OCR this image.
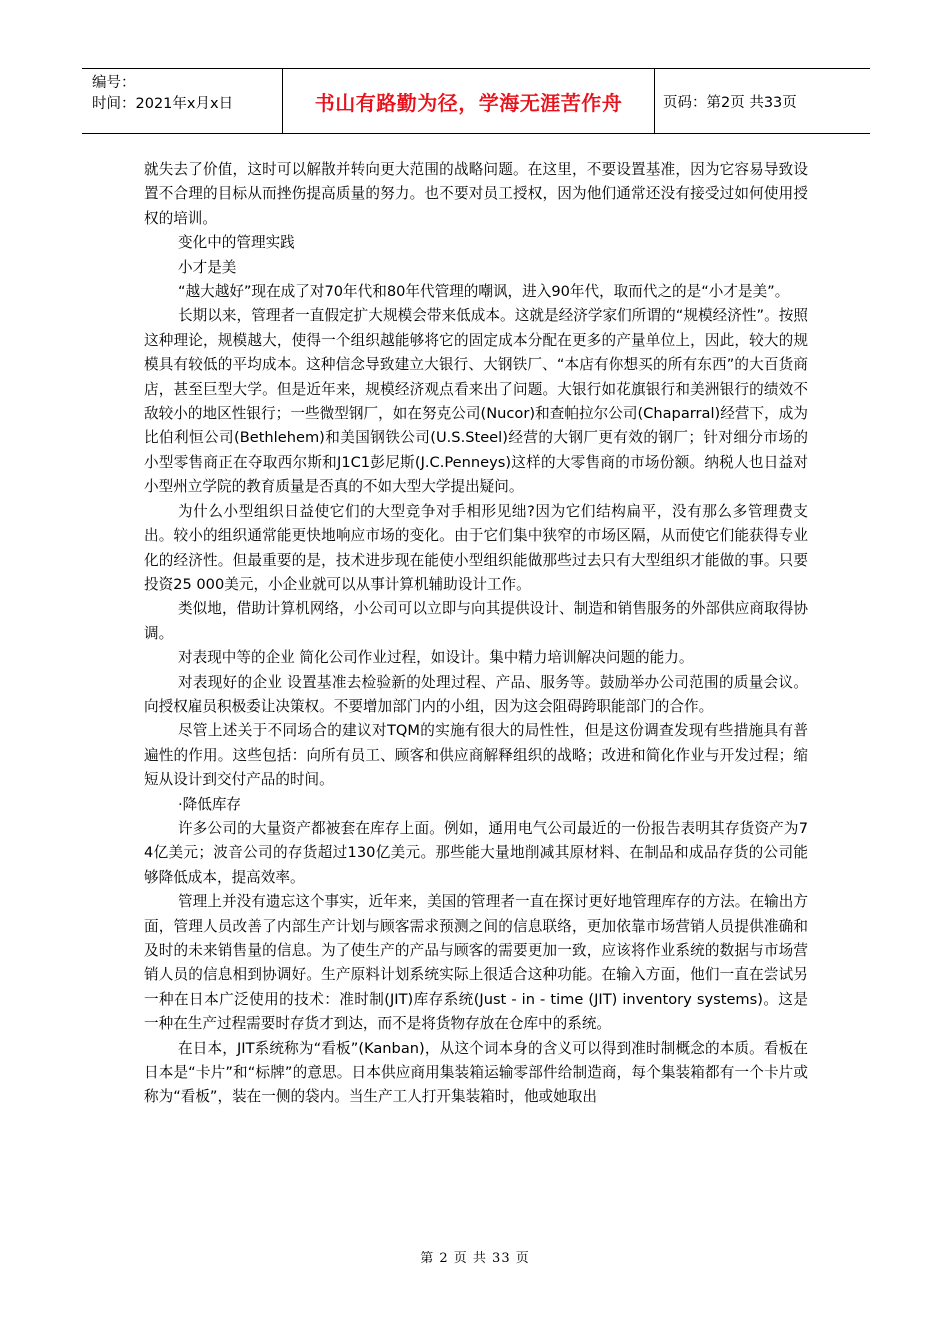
编号：
时间：2021年x月x日	书山有路勤为径，学海无涯苦作舟	页码：第2页 共33页

就失去了价值，这时可以解散并转向更大范围的战略问题。在这里，不要设置基准，因为它容易导致设置不合理的目标从而挫伤提高质量的努力。也不要对员工授权，因为他们通常还没有接受过如何使用授权的培训。

变化中的管理实践

小才是美

“越大越好”现在成了对70年代和80年代管理的嘲讽，进入90年代，取而代之的是“小才是美”。

长期以来，管理者一直假定扩大规模会带来低成本。这就是经济学家们所谓的“规模经济性”。按照这种理论，规模越大，使得一个组织越能够将它的固定成本分配在更多的产量单位上，因此，较大的规模具有较低的平均成本。这种信念导致建立大银行、大钢铁厂、“本店有你想买的所有东西”的大百货商店，甚至巨型大学。但是近年来，规模经济观点看来出了问题。大银行如花旗银行和美洲银行的绩效不敌较小的地区性银行；一些微型钢厂，如在努克公司(Nucor)和查帕拉尔公司(Chaparral)经营下，成为比伯利恒公司(Bethlehem)和美国钢铁公司(U.S.Steel)经营的大钢厂更有效的钢厂；针对细分市场的小型零售商正在夺取西尔斯和J1C1彭尼斯(J.C.Penneys)这样的大零售商的市场份额。纳税人也日益对小型州立学院的教育质量是否真的不如大型大学提出疑问。

为什么小型组织日益使它们的大型竞争对手相形见绌?因为它们结构扁平，没有那么多管理费支出。较小的组织通常能更快地响应市场的变化。由于它们集中狭窄的市场区隔，从而使它们能获得专业化的经济性。但最重要的是，技术进步现在能使小型组织能做那些过去只有大型组织才能做的事。只要投资25 000美元，小企业就可以从事计算机辅助设计工作。

类似地，借助计算机网络，小公司可以立即与向其提供设计、制造和销售服务的外部供应商取得协调。

对表现中等的企业 简化公司作业过程，如设计。集中精力培训解决问题的能力。

对表现好的企业 设置基准去检验新的处理过程、产品、服务等。鼓励举办公司范围的质量会议。向授权雇员积极委让决策权。不要增加部门内的小组，因为这会阻碍跨职能部门的合作。

尽管上述关于不同场合的建议对TQM的实施有很大的局性性，但是这份调查发现有些措施具有普遍性的作用。这些包括：向所有员工、顾客和供应商解释组织的战略；改进和简化作业与开发过程；缩短从设计到交付产品的时间。

·降低库存

许多公司的大量资产都被套在库存上面。例如，通用电气公司最近的一份报告表明其存货资产为74亿美元；波音公司的存货超过130亿美元。那些能大量地削减其原材料、在制品和成品存货的公司能够降低成本，提高效率。

管理上并没有遗忘这个事实，近年来，美国的管理者一直在探讨更好地管理库存的方法。在输出方面，管理人员改善了内部生产计划与顾客需求预测之间的信息联络，更加依靠市场营销人员提供准确和及时的未来销售量的信息。为了使生产的产品与顾客的需要更加一致，应该将作业系统的数据与市场营销人员的信息相到协调好。生产原料计划系统实际上很适合这种功能。在输入方面，他们一直在尝试另一种在日本广泛使用的技术：准时制(JIT)库存系统(Just - in - time (JIT) inventory systems)。这是一种在生产过程需要时存货才到达，而不是将货物存放在仓库中的系统。

在日本，JIT系统称为“看板”(Kanban)，从这个词本身的含义可以得到准时制概念的本质。看板在日本是“卡片”和“标牌”的意思。日本供应商用集装箱运输零部件给制造商，每个集装箱都有一个卡片或称为“看板”，装在一侧的袋内。当生产工人打开集装箱时，他或她取出

第 2 页 共 33 页
